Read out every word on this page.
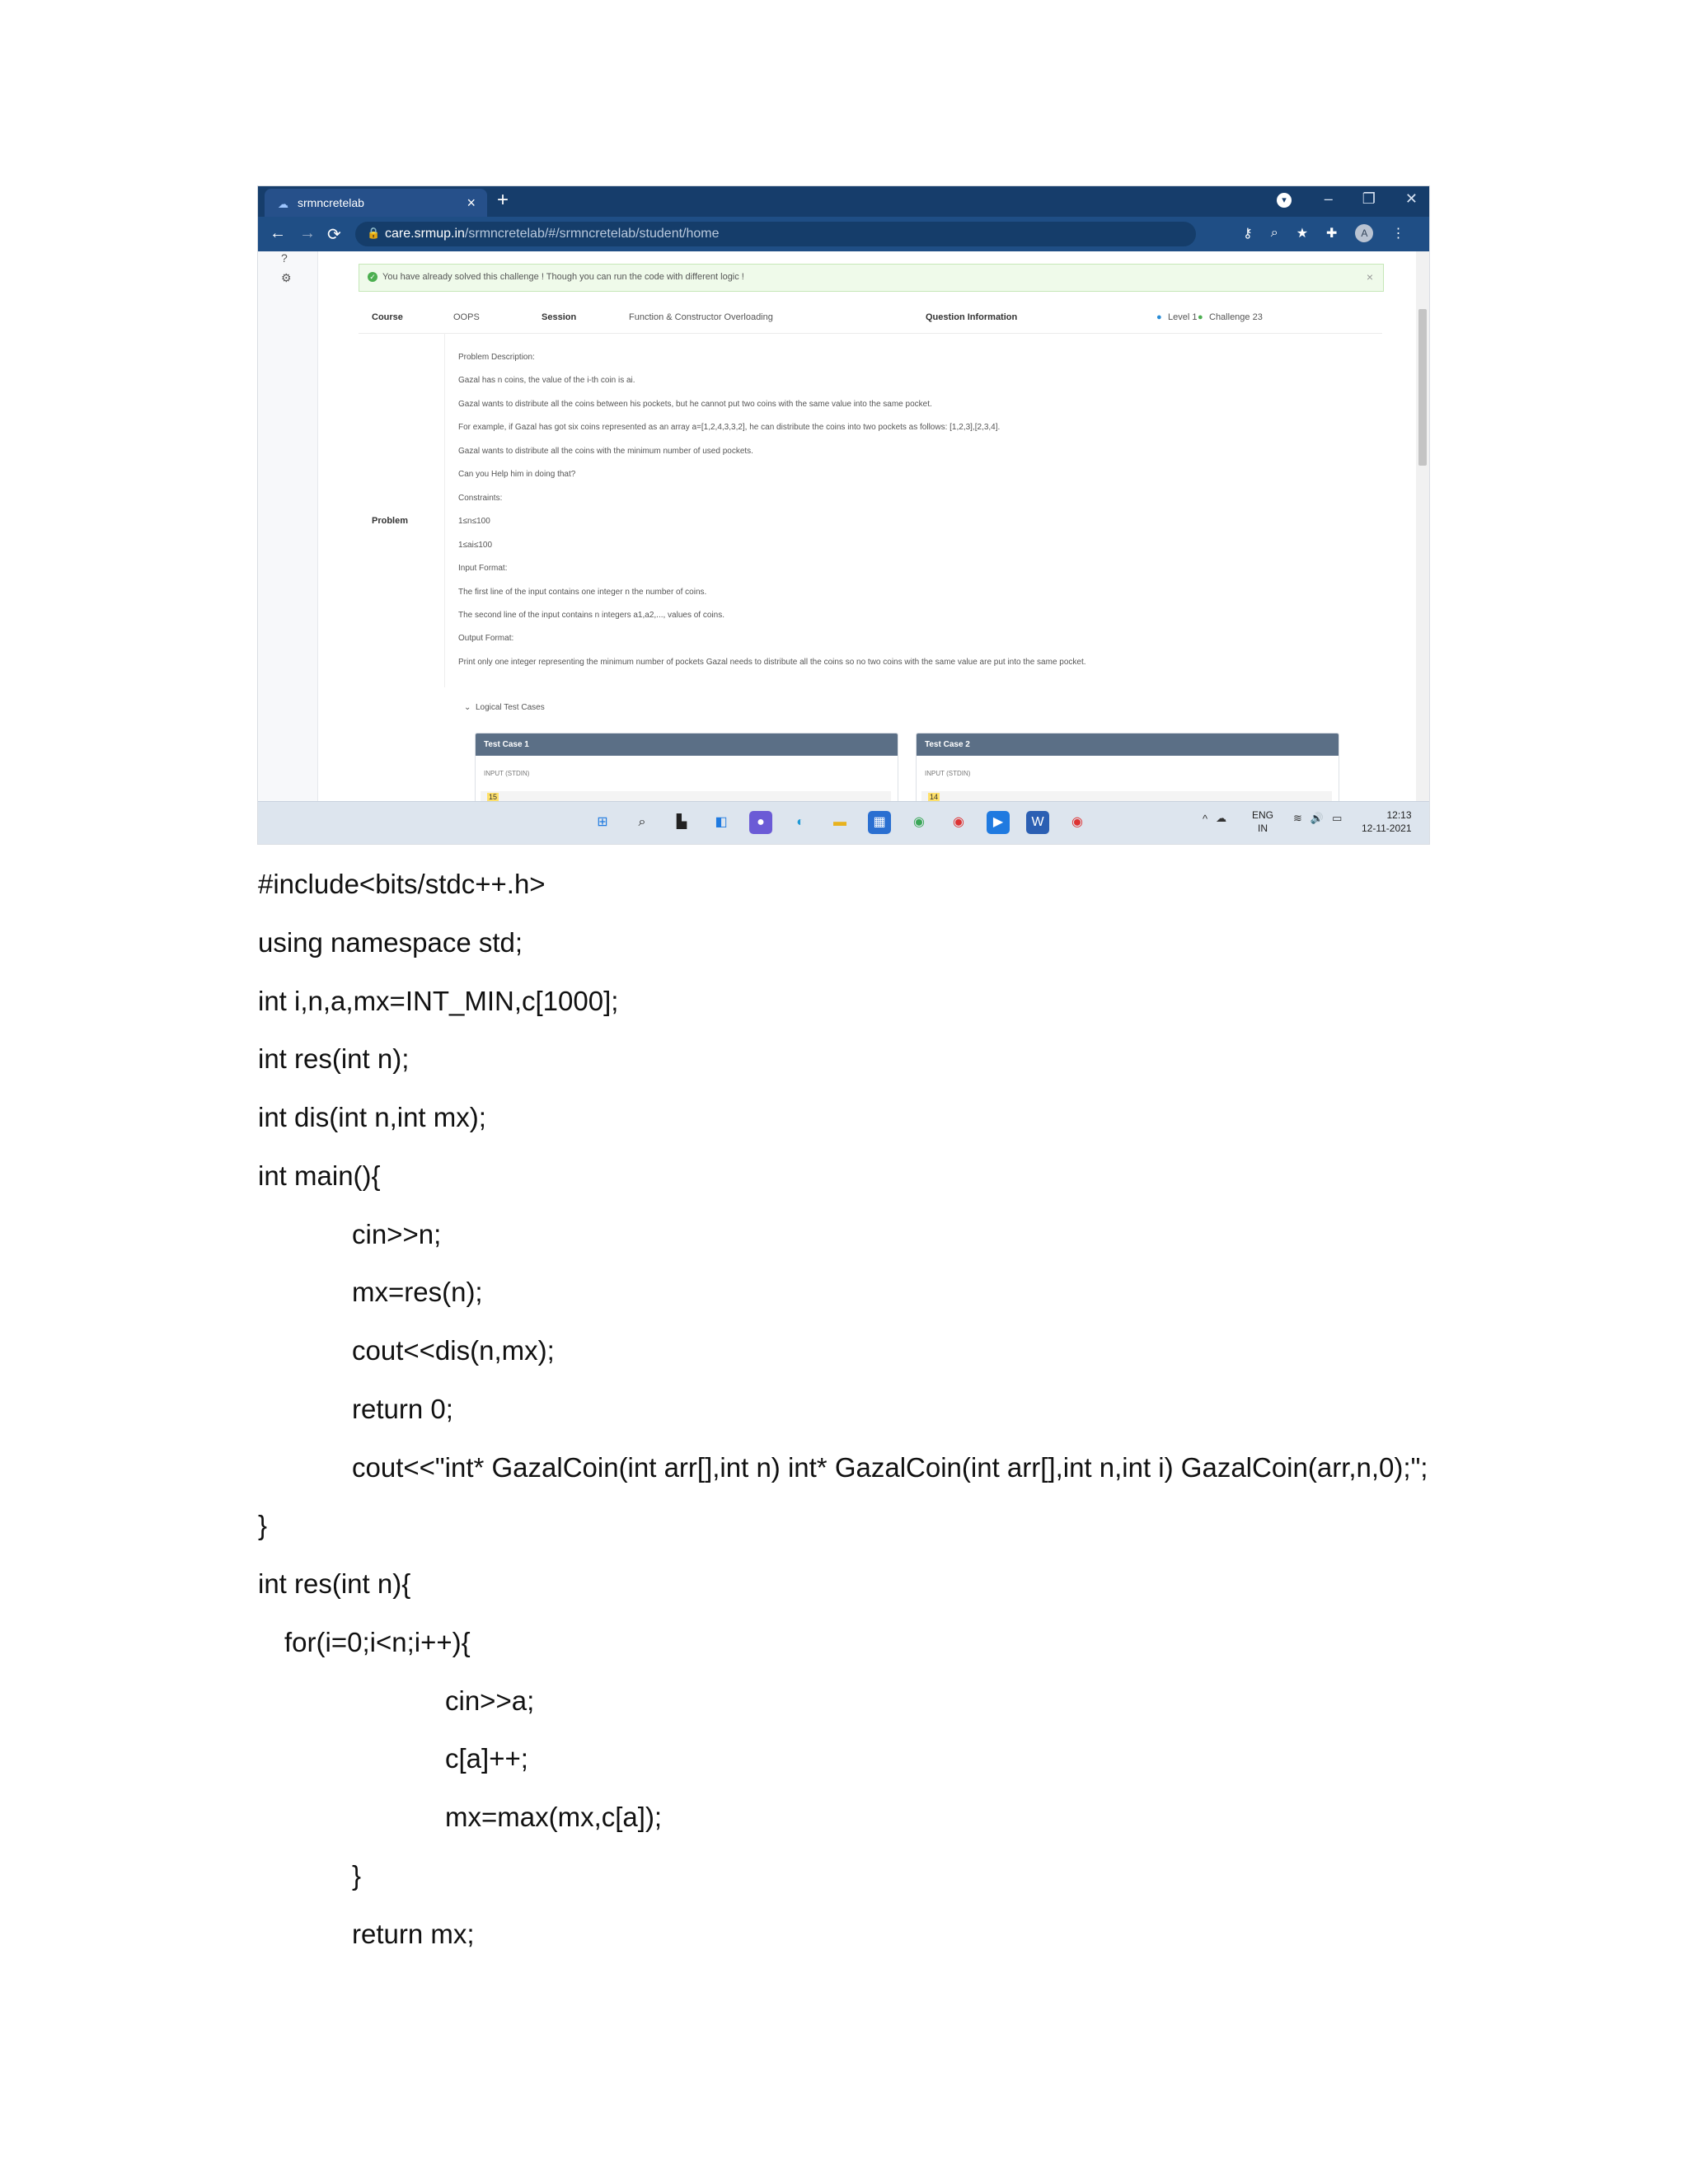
☁ srmncretelab	× +	▾	– ❐ ✕
← → ⟳ 🔒 care.srmup.in/srmncretelab/#/srmncretelab/student/home	⚷ ⌕ ★ ✚	A	⋮
?
⚙	✓ You have already solved this challenge ! Though you can run the code with different logic !	×
Course	OOPS	Session	Function & Constructor Overloading	Question Information	● Level 1 ● Challenge 23
Problem
Problem Description:
Gazal has n coins, the value of the i-th coin is ai.
Gazal wants to distribute all the coins between his pockets, but he cannot put two coins with the same value into the same pocket.
For example, if Gazal has got six coins represented as an array a=[1,2,4,3,3,2], he can distribute the coins into two pockets as follows: [1,2,3],[2,3,4].
Gazal wants to distribute all the coins with the minimum number of used pockets.
Can you Help him in doing that?
Constraints:
1≤n≤100
1≤ai≤100
Input Format:
The first line of the input contains one integer n the number of coins.
The second line of the input contains n integers a1,a2,..., values of coins.
Output Format:
Print only one integer representing the minimum number of pockets Gazal needs to distribute all the coins so no two coins with the same value are put into the same pocket.
⌄ Logical Test Cases
Test Case 1
INPUT (STDIN)
15
Test Case 2
INPUT (STDIN)
14
⊞	⌕	▙	◧	●	◐	▬	▦	◉	◉	▶	W	◉	^ ☁	ENG
IN
≋ 🔊 ▭	12:13
12-11-2021
#include<bits/stdc++.h>
using namespace std;
int i,n,a,mx=INT_MIN,c[1000];
int res(int n);
int dis(int n,int mx);
int main(){
cin>>n;
mx=res(n);
cout<<dis(n,mx);
return 0;
cout<<"int* GazalCoin(int arr[],int n) int* GazalCoin(int arr[],int n,int i) GazalCoin(arr,n,0);";
}
int res(int n){
for(i=0;i<n;i++){
cin>>a;
c[a]++;
mx=max(mx,c[a]);
}
return mx;
